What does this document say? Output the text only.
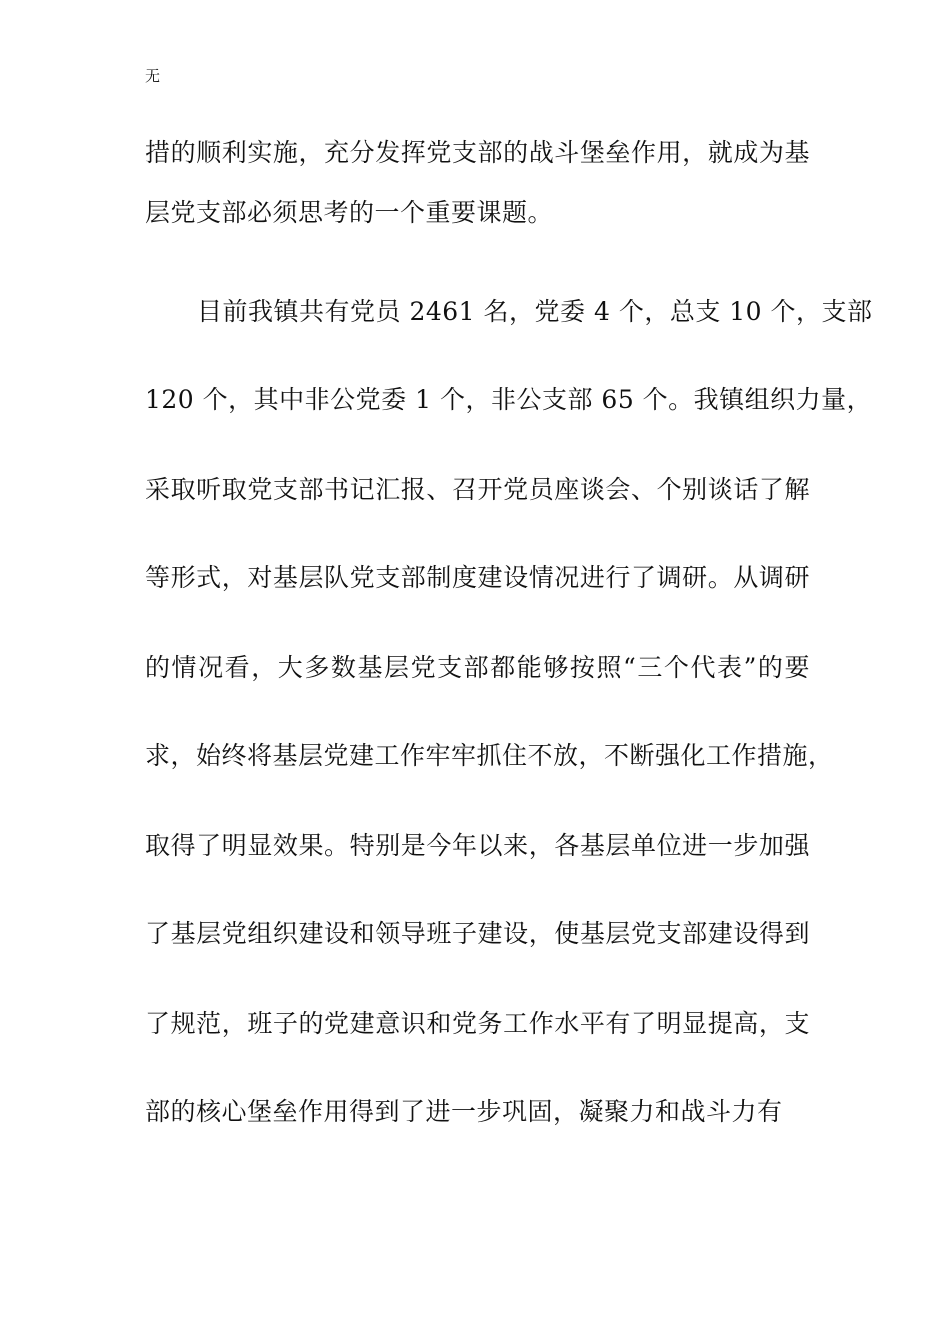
无
措的顺利实施，充分发挥党支部的战斗堡垒作用，就成为基
层党支部必须思考的一个重要课题。
目前我镇共有党员 2461 名，党委 4 个，总支 10 个，支部
120 个，其中非公党委 1 个，非公支部 65 个。我镇组织力量，
采取听取党支部书记汇报、召开党员座谈会、个别谈话了解
等形式，对基层队党支部制度建设情况进行了调研。从调研
的情况看，大多数基层党支部都能够按照“三个代表”的要
求，始终将基层党建工作牢牢抓住不放，不断强化工作措施，
取得了明显效果。特别是今年以来，各基层单位进一步加强
了基层党组织建设和领导班子建设，使基层党支部建设得到
了规范，班子的党建意识和党务工作水平有了明显提高，支
部的核心堡垒作用得到了进一步巩固，凝聚力和战斗力有
